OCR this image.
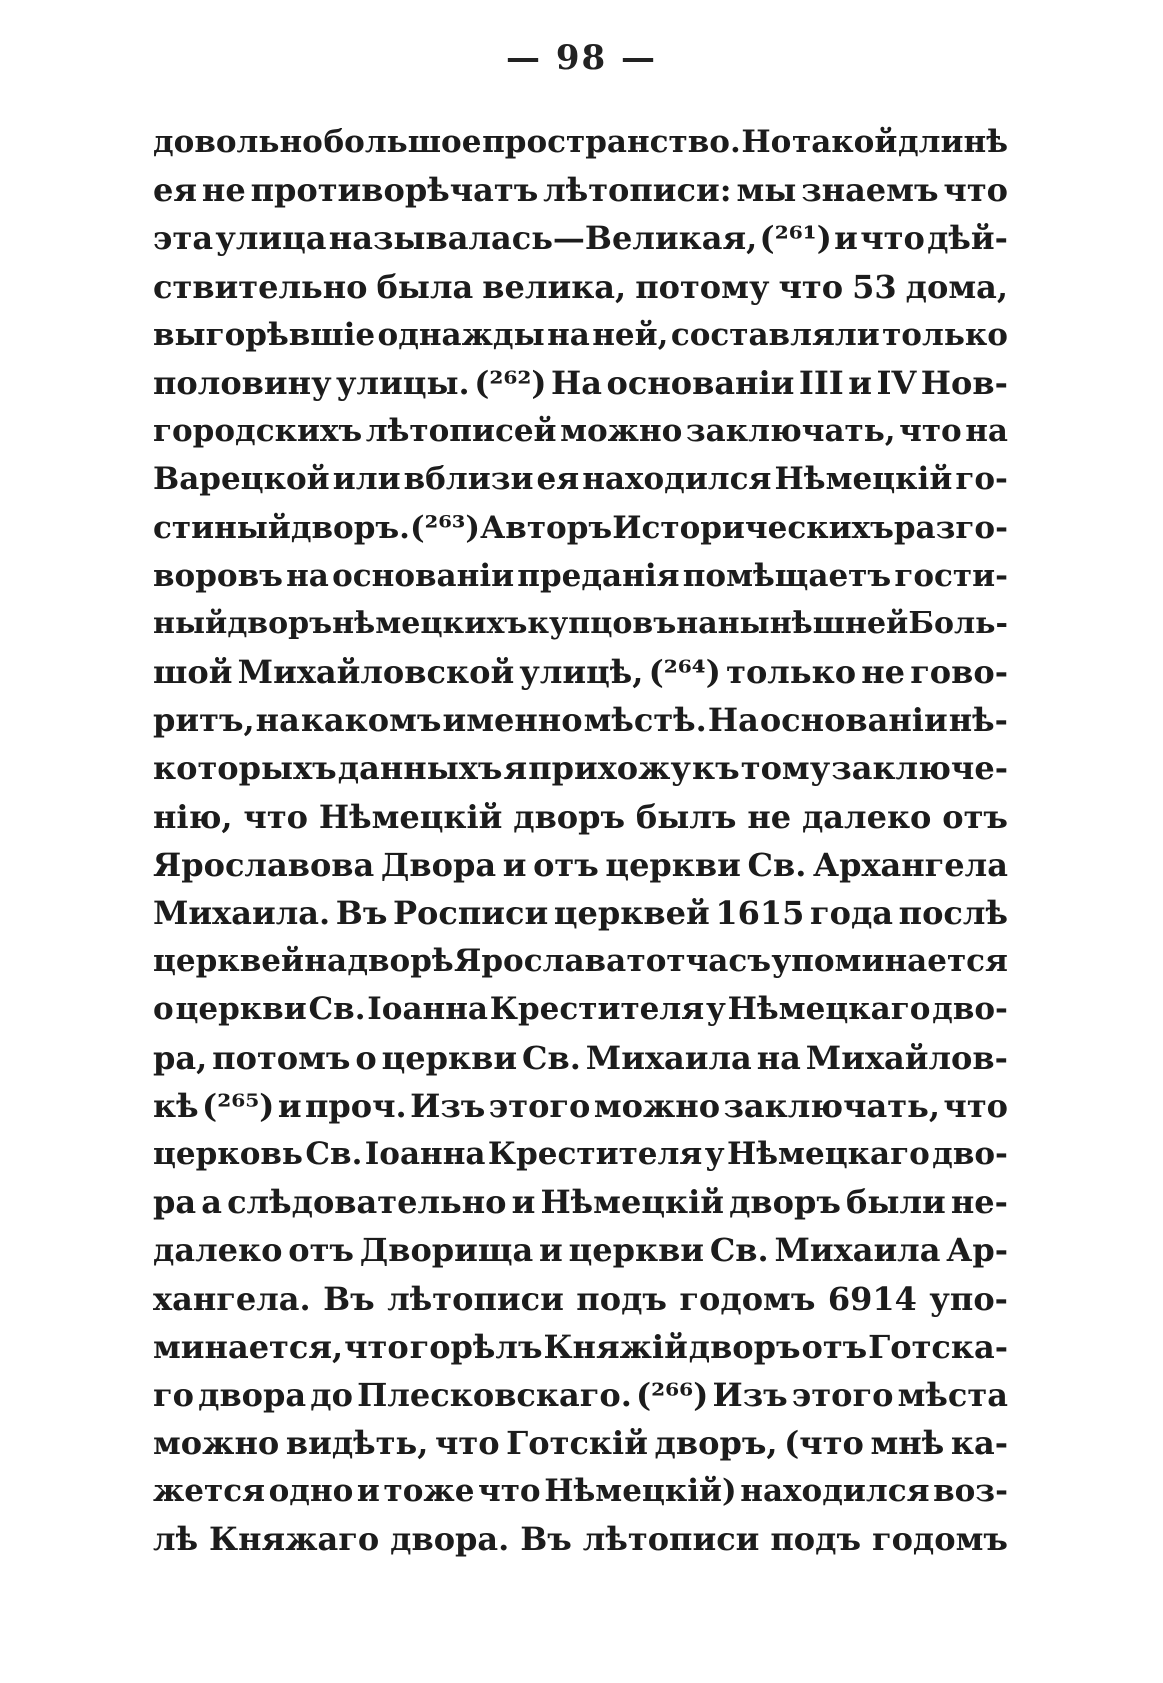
— 98 —
довольно большое пространство. Но такой длинѣ
ея не противорѣчатъ лѣтописи: мы знаемъ что
эта улица называлась—Великая, (²⁶¹) и что дѣй-
ствительно была велика, потому что 53 дома,
выгорѣвшіе однажды на ней, составляли только
половину улицы. (²⁶²) На основаніи III и IV Нов-
городскихъ лѣтописей можно заключать, что на
Варецкой или вблизи ея находился Нѣмецкій го-
стиный дворъ. (²⁶³) Авторъ Историческихъ разго-
воровъ на основаніи преданія помѣщаетъ гости-
ный дворъ нѣмецкихъ купцовъ на нынѣшней Боль-
шой Михайловской улицѣ, (²⁶⁴) только не гово-
ритъ, на какомъ именно мѣстѣ. На основаніи нѣ-
которыхъ данныхъ я прихожу къ тому заключе-
нію, что Нѣмецкій дворъ былъ не далеко отъ
Ярославова Двора и отъ церкви Св. Архангела
Михаила. Въ Росписи церквей 1615 года послѣ
церквей на дворѣ Ярослава тотчасъ упоминается
о церкви Св. Іоанна Крестителя у Нѣмецкаго дво-
ра, потомъ о церкви Св. Михаила на Михайлов-
кѣ (²⁶⁵) и проч. Изъ этого можно заключать, что
церковь Св. Іоанна Крестителя у Нѣмецкаго дво-
ра а слѣдовательно и Нѣмецкій дворъ были не-
далеко отъ Дворища и церкви Св. Михаила Ар-
хангела. Въ лѣтописи подъ годомъ 6914 упо-
минается, что горѣлъ Княжій дворъ отъ Готска-
го двора до Плесковскаго. (²⁶⁶) Изъ этого мѣста
можно видѣть, что Готскій дворъ, (что мнѣ ка-
жется одно и тоже что Нѣмецкій) находился воз-
лѣ Княжаго двора. Въ лѣтописи подъ годомъ
